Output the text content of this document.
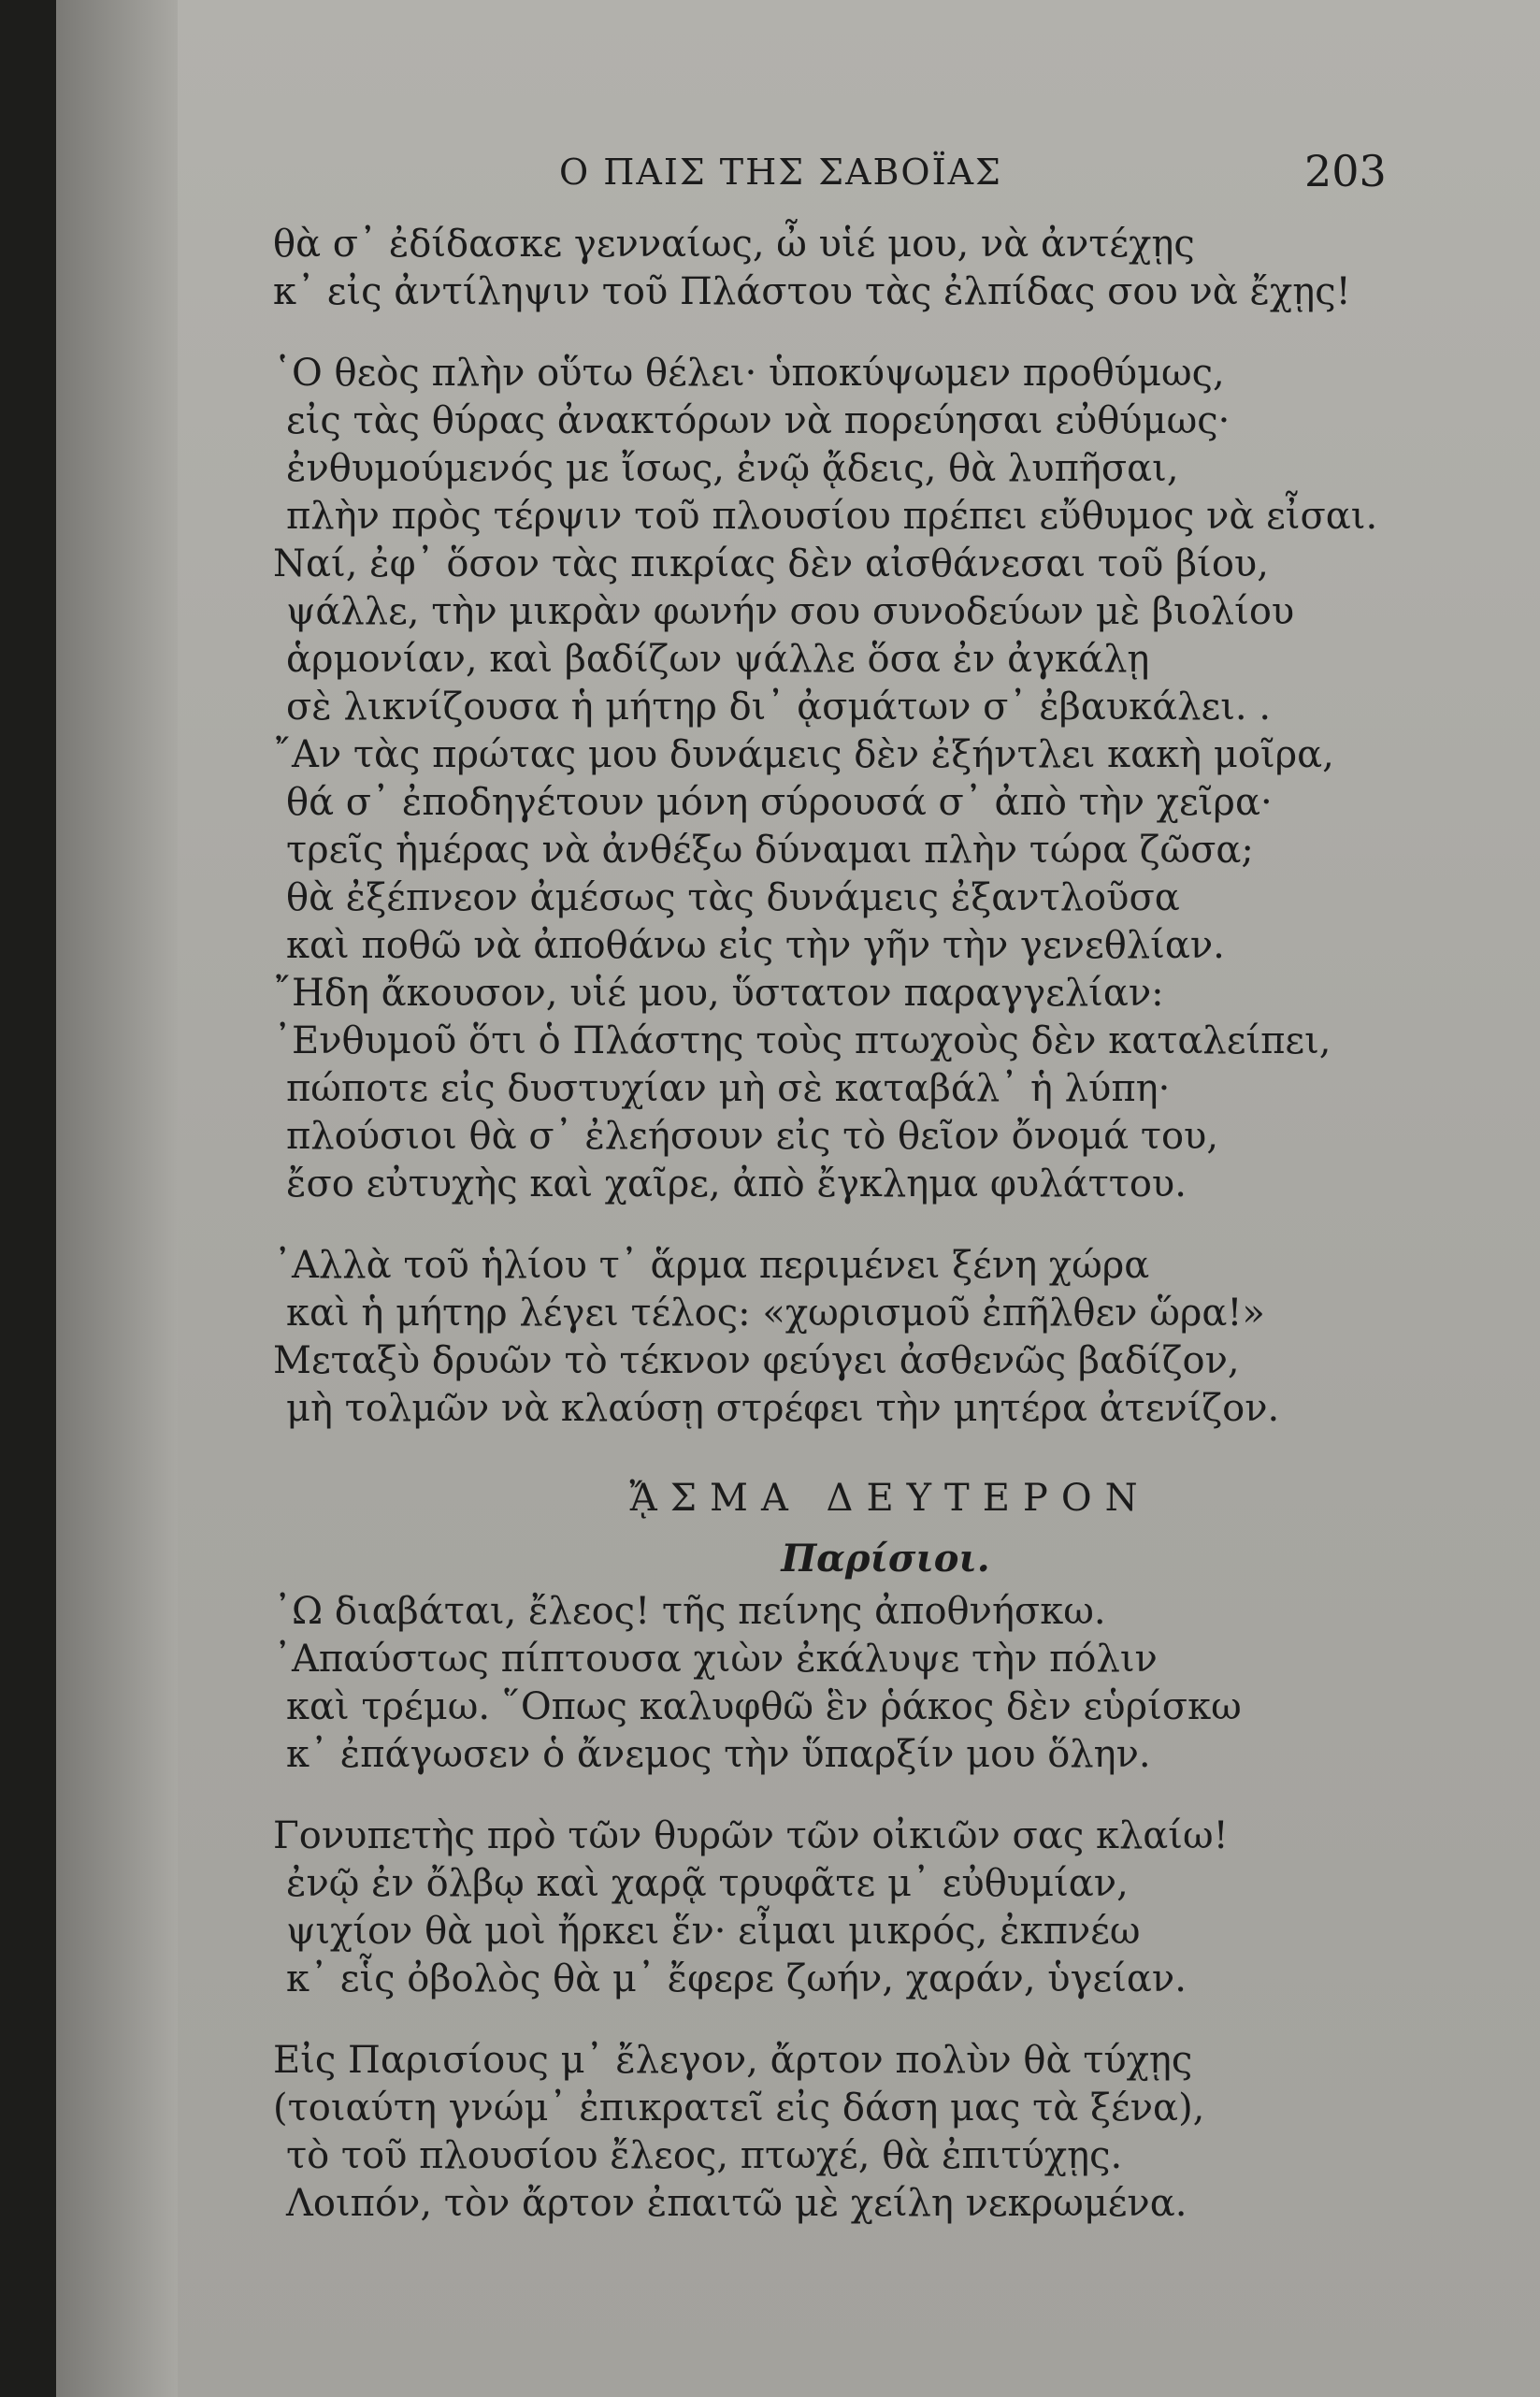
Ο ΠΑΙΣ ΤΗΣ ΣΑΒΟΪΑΣ	203
θὰ σ᾿ ἐδίδασκε γενναίως, ὦ υἱέ μου, νὰ ἀντέχῃς
κ᾿ εἰς ἀντίληψιν τοῦ Πλάστου τὰς ἐλπίδας σου νὰ ἔχῃς!
῾Ο θεὸς πλὴν οὕτω θέλει· ὑποκύψωμεν προθύμως,
εἰς τὰς θύρας ἀνακτόρων νὰ πορεύησαι εὐθύμως·
ἐνθυμούμενός με ἴσως, ἐνῷ ᾄδεις, θὰ λυπῆσαι,
πλὴν πρὸς τέρψιν τοῦ πλουσίου πρέπει εὔθυμος νὰ εἶσαι.
Ναί, ἐφ᾿ ὅσον τὰς πικρίας δὲν αἰσθάνεσαι τοῦ βίου,
ψάλλε, τὴν μικρὰν φωνήν σου συνοδεύων μὲ βιολίου
ἁρμονίαν, καὶ βαδίζων ψάλλε ὅσα ἐν ἀγκάλῃ
σὲ λικνίζουσα ἡ μήτηρ δι᾿ ᾀσμάτων σ᾿ ἐβαυκάλει. .
῎Αν τὰς πρώτας μου δυνάμεις δὲν ἐξήντλει κακὴ μοῖρα,
θά σ᾿ ἐποδηγέτουν μόνη σύρουσά σ᾿ ἀπὸ τὴν χεῖρα·
τρεῖς ἡμέρας νὰ ἀνθέξω δύναμαι πλὴν τώρα ζῶσα;
θὰ ἐξέπνεον ἀμέσως τὰς δυνάμεις ἐξαντλοῦσα
καὶ ποθῶ νὰ ἀποθάνω εἰς τὴν γῆν τὴν γενεθλίαν.
῎Ηδη ἄκουσον, υἱέ μου, ὕστατον παραγγελίαν:
᾿Ενθυμοῦ ὅτι ὁ Πλάστης τοὺς πτωχοὺς δὲν καταλείπει,
πώποτε εἰς δυστυχίαν μὴ σὲ καταβάλ᾿ ἡ λύπη·
πλούσιοι θὰ σ᾿ ἐλεήσουν εἰς τὸ θεῖον ὄνομά του,
ἔσο εὐτυχὴς καὶ χαῖρε, ἀπὸ ἔγκλημα φυλάττου.
᾿Αλλὰ τοῦ ἡλίου τ᾿ ἅρμα περιμένει ξένη χώρα
καὶ ἡ μήτηρ λέγει τέλος: «χωρισμοῦ ἐπῆλθεν ὥρα!»
Μεταξὺ δρυῶν τὸ τέκνον φεύγει ἀσθενῶς βαδίζον,
μὴ τολμῶν νὰ κλαύσῃ στρέφει τὴν μητέρα ἀτενίζον.
ᾌΣΜΑ ΔΕΥΤΕΡΟΝ
Παρίσιοι.
᾿Ω διαβάται, ἔλεος! τῆς πείνης ἀποθνήσκω.
᾿Απαύστως πίπτουσα χιὼν ἐκάλυψε τὴν πόλιν
καὶ τρέμω. ῞Οπως καλυφθῶ ἓν ῥάκος δὲν εὑρίσκω
κ᾿ ἐπάγωσεν ὁ ἄνεμος τὴν ὕπαρξίν μου ὅλην.
Γονυπετὴς πρὸ τῶν θυρῶν τῶν οἰκιῶν σας κλαίω!
ἐνῷ ἐν ὄλβῳ καὶ χαρᾷ τρυφᾶτε μ᾿ εὐθυμίαν,
ψιχίον θὰ μοὶ ἤρκει ἕν· εἶμαι μικρός, ἐκπνέω
κ᾿ εἷς ὀβολὸς θὰ μ᾿ ἔφερε ζωήν, χαράν, ὑγείαν.
Εἰς Παρισίους μ᾿ ἔλεγον, ἄρτον πολὺν θὰ τύχῃς
(τοιαύτη γνώμ᾿ ἐπικρατεῖ εἰς δάση μας τὰ ξένα),
τὸ τοῦ πλουσίου ἔλεος, πτωχέ, θὰ ἐπιτύχῃς.
Λοιπόν, τὸν ἄρτον ἐπαιτῶ μὲ χείλη νεκρωμένα.
